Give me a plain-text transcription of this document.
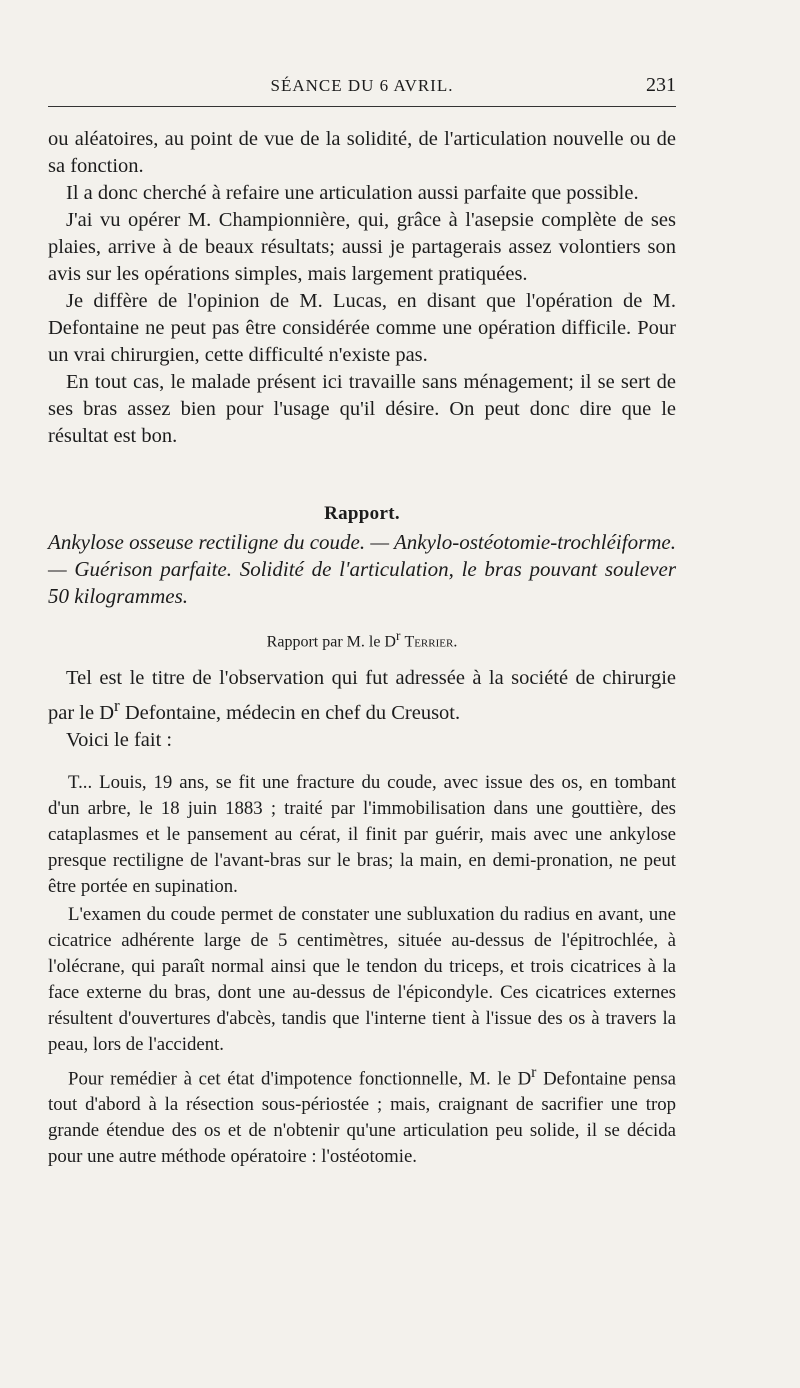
SÉANCE DU 6 AVRIL.	231

ou aléatoires, au point de vue de la solidité, de l'articulation nouvelle ou de sa fonction.

Il a donc cherché à refaire une articulation aussi parfaite que possible.

J'ai vu opérer M. Championnière, qui, grâce à l'asepsie complète de ses plaies, arrive à de beaux résultats; aussi je partagerais assez volontiers son avis sur les opérations simples, mais largement pratiquées.

Je diffère de l'opinion de M. Lucas, en disant que l'opération de M. Defontaine ne peut pas être considérée comme une opération difficile. Pour un vrai chirurgien, cette difficulté n'existe pas.

En tout cas, le malade présent ici travaille sans ménagement; il se sert de ses bras assez bien pour l'usage qu'il désire. On peut donc dire que le résultat est bon.

Rapport.

Ankylose osseuse rectiligne du coude. — Ankylo-ostéotomie-trochléiforme. — Guérison parfaite. Solidité de l'articulation, le bras pouvant soulever 50 kilogrammes.

Rapport par M. le $D^r$ Terrier.

Tel est le titre de l'observation qui fut adressée à la société de chirurgie par le $D^r$ Defontaine, médecin en chef du Creusot.

Voici le fait :

T... Louis, 19 ans, se fit une fracture du coude, avec issue des os, en tombant d'un arbre, le 18 juin 1883 ; traité par l'immobilisation dans une gouttière, des cataplasmes et le pansement au cérat, il finit par guérir, mais avec une ankylose presque rectiligne de l'avant-bras sur le bras; la main, en demi-pronation, ne peut être portée en supination.

L'examen du coude permet de constater une subluxation du radius en avant, une cicatrice adhérente large de 5 centimètres, située au-dessus de l'épitrochlée, à l'olécrane, qui paraît normal ainsi que le tendon du triceps, et trois cicatrices à la face externe du bras, dont une au-dessus de l'épicondyle. Ces cicatrices externes résultent d'ouvertures d'abcès, tandis que l'interne tient à l'issue des os à travers la peau, lors de l'accident.

Pour remédier à cet état d'impotence fonctionnelle, M. le $D^r$ Defontaine pensa tout d'abord à la résection sous-périostée ; mais, craignant de sacrifier une trop grande étendue des os et de n'obtenir qu'une articulation peu solide, il se décida pour une autre méthode opératoire : l'ostéotomie.
